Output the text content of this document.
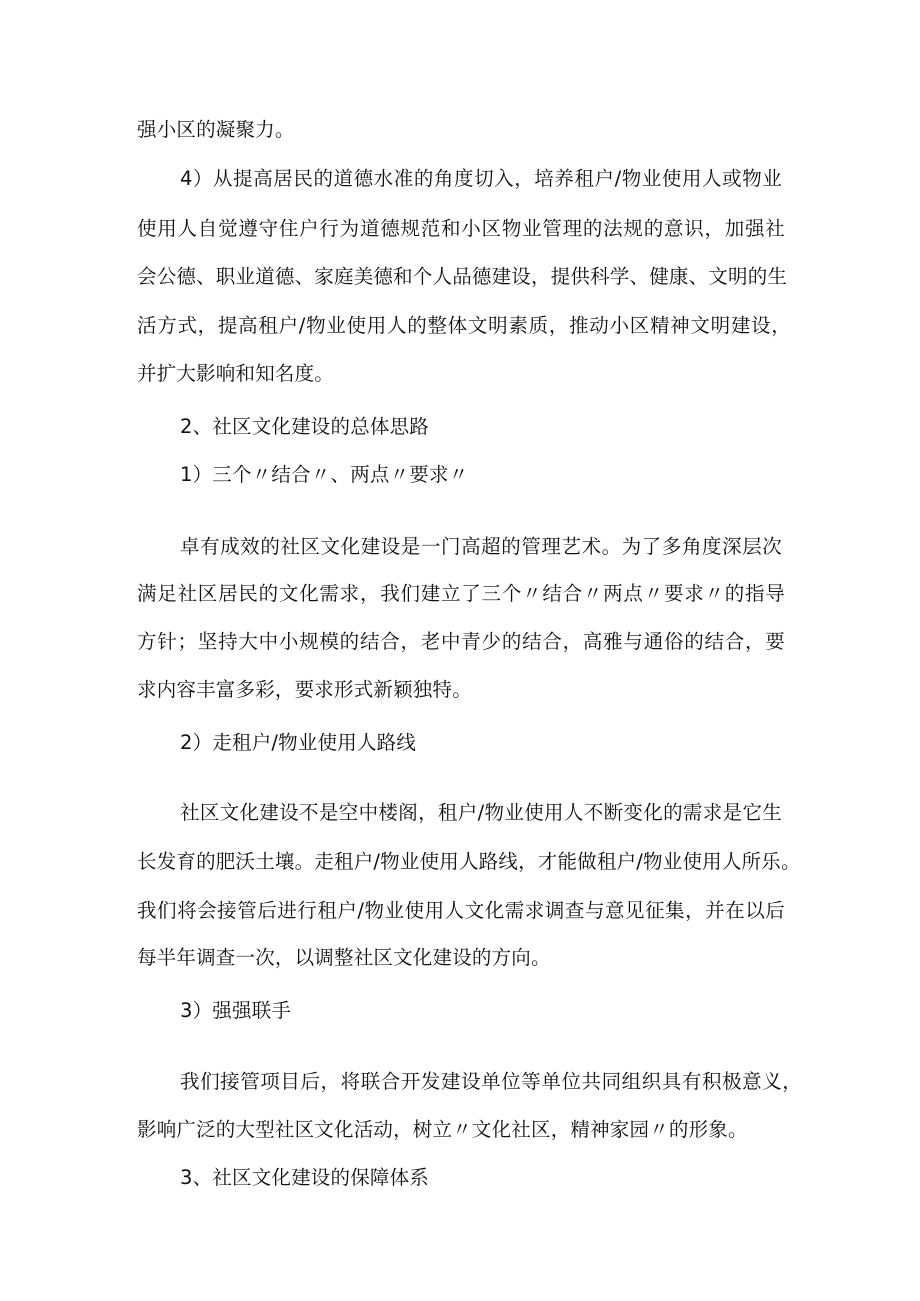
强小区的凝聚力。
4）从提高居民的道德水准的角度切入，培养租户/物业使用人或物业
使用人自觉遵守住户行为道德规范和小区物业管理的法规的意识，加强社
会公德、职业道德、家庭美德和个人品德建设，提供科学、健康、文明的生
活方式，提高租户/物业使用人的整体文明素质，推动小区精神文明建设，
并扩大影响和知名度。
2、社区文化建设的总体思路
1）三个〃结合〃、两点〃要求〃
卓有成效的社区文化建设是一门高超的管理艺术。为了多角度深层次
满足社区居民的文化需求，我们建立了三个〃结合〃两点〃要求〃的指导
方针；坚持大中小规模的结合，老中青少的结合，高雅与通俗的结合，要
求内容丰富多彩，要求形式新颖独特。
2）走租户/物业使用人路线
社区文化建设不是空中楼阁，租户/物业使用人不断变化的需求是它生
长发育的肥沃土壤。走租户/物业使用人路线，才能做租户/物业使用人所乐。
我们将会接管后进行租户/物业使用人文化需求调查与意见征集，并在以后
每半年调查一次，以调整社区文化建设的方向。
3）强强联手
我们接管项目后，将联合开发建设单位等单位共同组织具有积极意义，
影响广泛的大型社区文化活动，树立〃文化社区，精神家园〃的形象。
3、社区文化建设的保障体系
